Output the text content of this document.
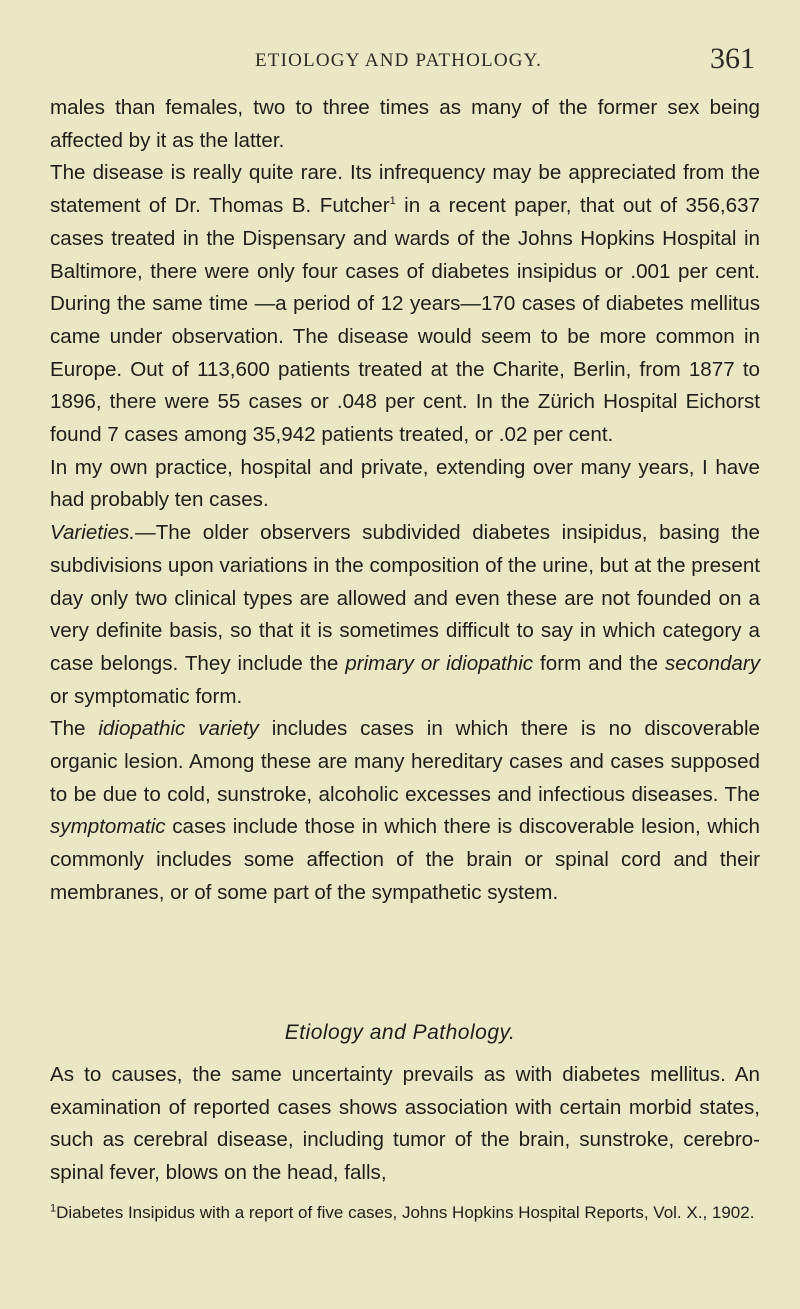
ETIOLOGY AND PATHOLOGY.	361

males than females, two to three times as many of the former sex being affected by it as the latter.

The disease is really quite rare. Its infrequency may be appreciated from the statement of Dr. Thomas B. Futcher$^1$ in a recent paper, that out of 356,637 cases treated in the Dispensary and wards of the Johns Hopkins Hospital in Baltimore, there were only four cases of diabetes insipidus or .001 per cent. During the same time —a period of 12 years—170 cases of diabetes mellitus came under observation. The disease would seem to be more common in Europe. Out of 113,600 patients treated at the Charite, Berlin, from 1877 to 1896, there were 55 cases or .048 per cent. In the Zürich Hospital Eichorst found 7 cases among 35,942 patients treated, or .02 per cent.

In my own practice, hospital and private, extending over many years, I have had probably ten cases.

Varieties.—The older observers subdivided diabetes insipidus, basing the subdivisions upon variations in the composition of the urine, but at the present day only two clinical types are allowed and even these are not founded on a very definite basis, so that it is sometimes difficult to say in which category a case belongs. They include the primary or idiopathic form and the secondary or symptomatic form.

The idiopathic variety includes cases in which there is no discoverable organic lesion. Among these are many hereditary cases and cases supposed to be due to cold, sunstroke, alcoholic excesses and infectious diseases. The symptomatic cases include those in which there is discoverable lesion, which commonly includes some affection of the brain or spinal cord and their membranes, or of some part of the sympathetic system.

Etiology and Pathology.
As to causes, the same uncertainty prevails as with diabetes mellitus. An examination of reported cases shows association with certain morbid states, such as cerebral disease, including tumor of the brain, sunstroke, cerebro-spinal fever, blows on the head, falls,
$^1$Diabetes Insipidus with a report of five cases, Johns Hopkins Hospital Reports, Vol. X., 1902.
